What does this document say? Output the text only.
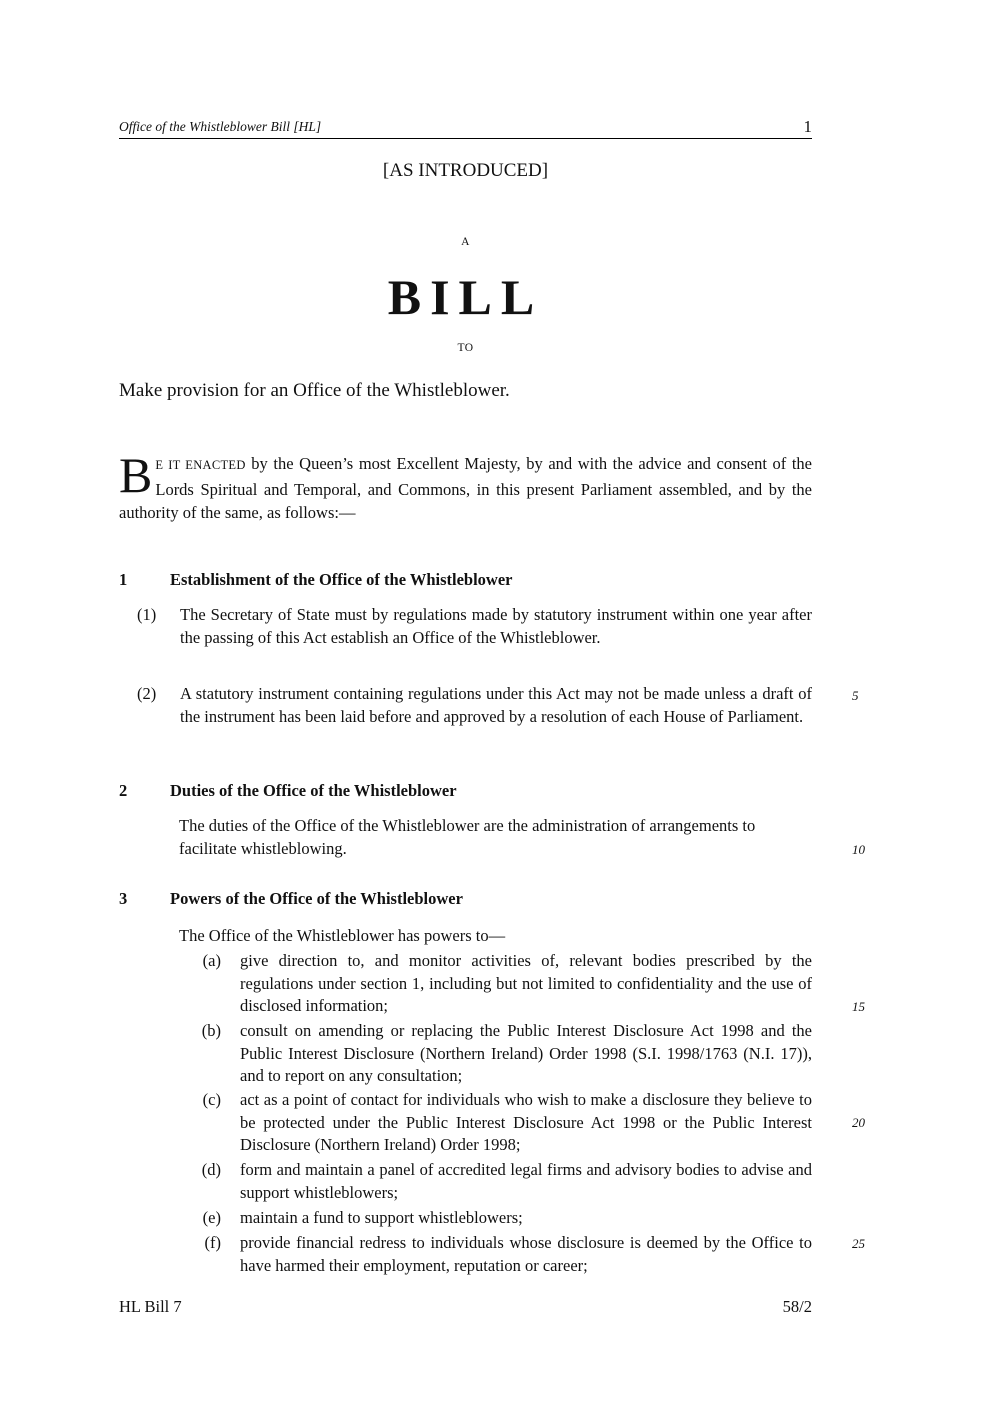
Office of the Whistleblower Bill [HL]	1
[AS INTRODUCED]
A
BILL
TO
Make provision for an Office of the Whistleblower.
B E IT ENACTED by the Queen’s most Excellent Majesty, by and with the advice and consent of the Lords Spiritual and Temporal, and Commons, in this present Parliament assembled, and by the authority of the same, as follows:—
1	Establishment of the Office of the Whistleblower
(1) The Secretary of State must by regulations made by statutory instrument within one year after the passing of this Act establish an Office of the Whistleblower.
(2) A statutory instrument containing regulations under this Act may not be made unless a draft of the instrument has been laid before and approved by a resolution of each House of Parliament.
5
2	Duties of the Office of the Whistleblower
The duties of the Office of the Whistleblower are the administration of arrangements to facilitate whistleblowing.	10
3	Powers of the Office of the Whistleblower
The Office of the Whistleblower has powers to—
(a) give direction to, and monitor activities of, relevant bodies prescribed by the regulations under section 1, including but not limited to confidentiality and the use of disclosed information;	15
(b) consult on amending or replacing the Public Interest Disclosure Act 1998 and the Public Interest Disclosure (Northern Ireland) Order 1998 (S.I. 1998/1763 (N.I. 17)), and to report on any consultation;
(c) act as a point of contact for individuals who wish to make a disclosure they believe to be protected under the Public Interest Disclosure Act 1998 or the Public Interest Disclosure (Northern Ireland) Order 1998;
20
(d) form and maintain a panel of accredited legal firms and advisory bodies to advise and support whistleblowers;
(e) maintain a fund to support whistleblowers;
(f) provide financial redress to individuals whose disclosure is deemed by the Office to have harmed their employment, reputation or career;
25
HL Bill 7	58/2
